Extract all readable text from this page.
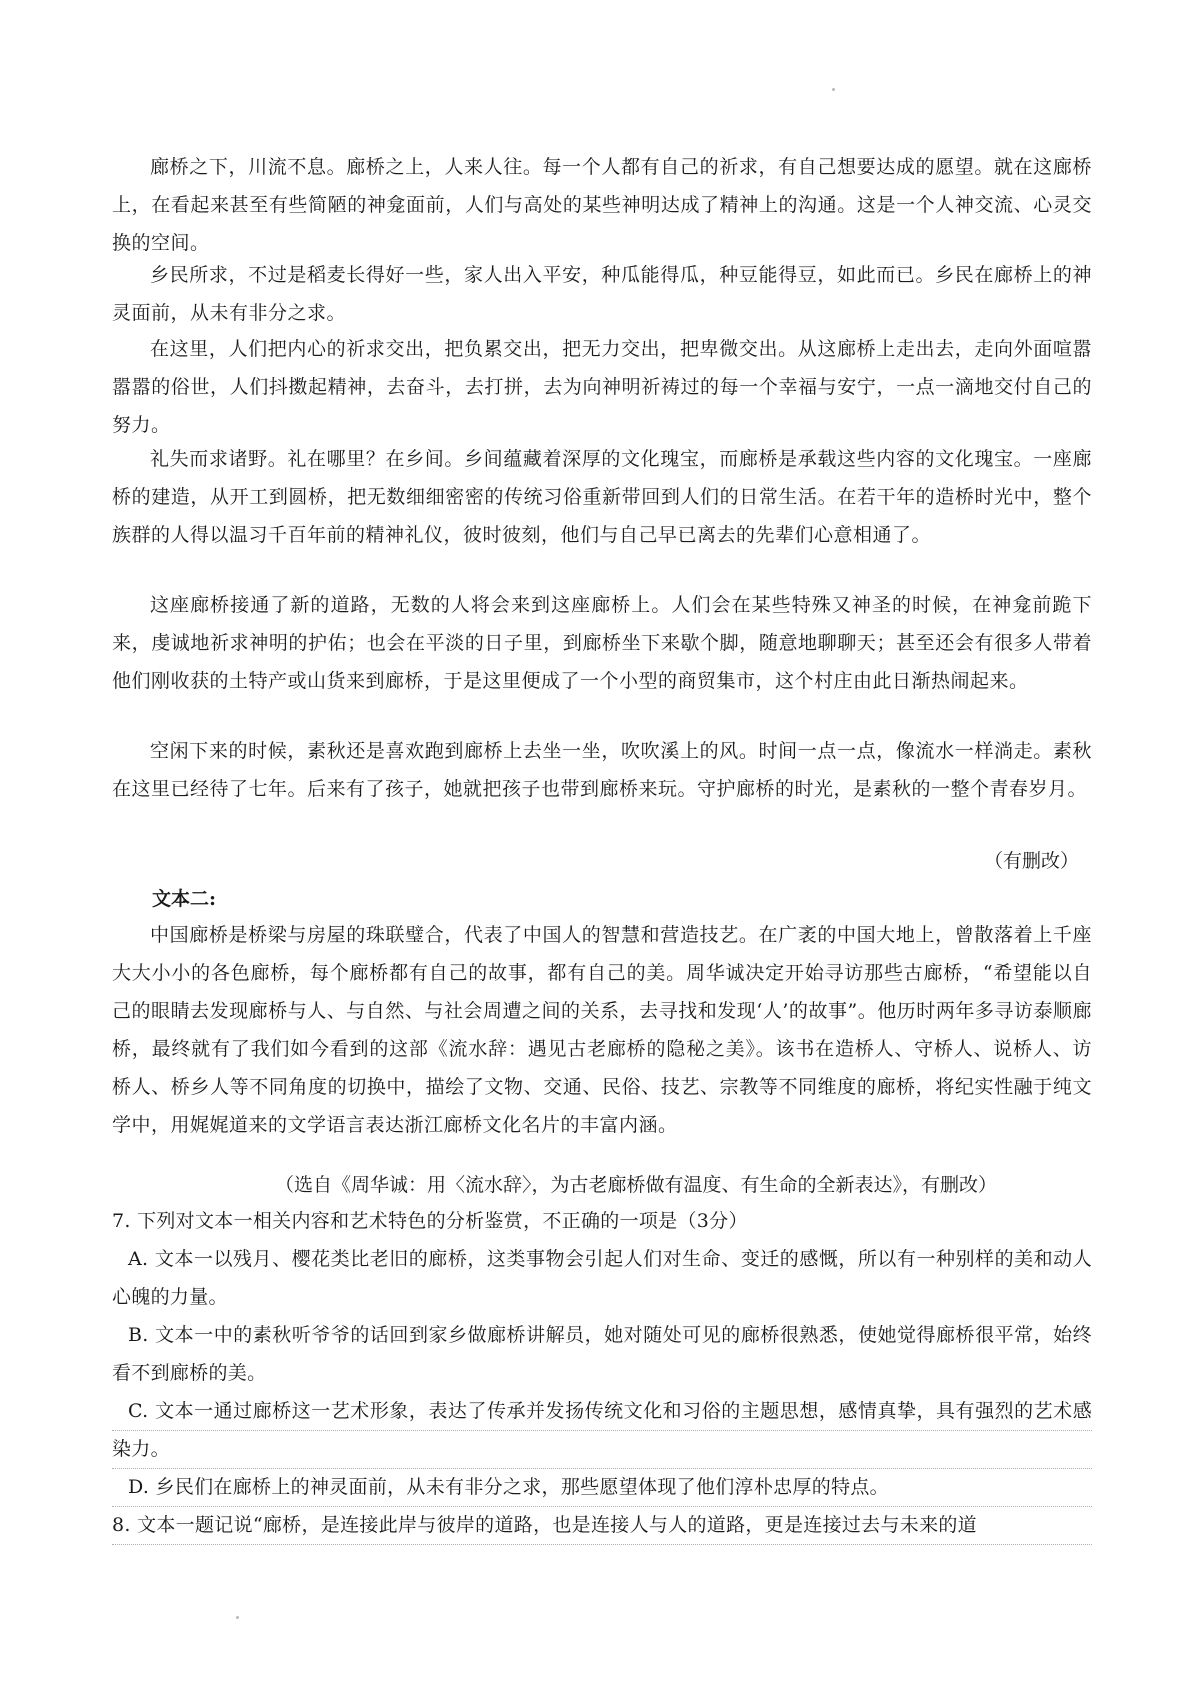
廊桥之下，川流不息。廊桥之上，人来人往。每一个人都有自己的祈求，有自己想要达成的愿望。就在这廊桥上，在看起来甚至有些简陋的神龛面前，人们与高处的某些神明达成了精神上的沟通。这是一个人神交流、心灵交换的空间。

乡民所求，不过是稻麦长得好一些，家人出入平安，种瓜能得瓜，种豆能得豆，如此而已。乡民在廊桥上的神灵面前，从未有非分之求。

在这里，人们把内心的祈求交出，把负累交出，把无力交出，把卑微交出。从这廊桥上走出去，走向外面喧嚣嚣嚣的俗世，人们抖擞起精神，去奋斗，去打拼，去为向神明祈祷过的每一个幸福与安宁，一点一滴地交付自己的努力。

礼失而求诸野。礼在哪里？在乡间。乡间蕴藏着深厚的文化瑰宝，而廊桥是承载这些内容的文化瑰宝。一座廊桥的建造，从开工到圆桥，把无数细细密密的传统习俗重新带回到人们的日常生活。在若干年的造桥时光中，整个族群的人得以温习千百年前的精神礼仪，彼时彼刻，他们与自己早已离去的先辈们心意相通了。

这座廊桥接通了新的道路，无数的人将会来到这座廊桥上。人们会在某些特殊又神圣的时候，在神龛前跪下来，虔诚地祈求神明的护佑；也会在平淡的日子里，到廊桥坐下来歇个脚，随意地聊聊天；甚至还会有很多人带着他们刚收获的土特产或山货来到廊桥，于是这里便成了一个小型的商贸集市，这个村庄由此日渐热闹起来。

空闲下来的时候，素秋还是喜欢跑到廊桥上去坐一坐，吹吹溪上的风。时间一点一点，像流水一样淌走。素秋在这里已经待了七年。后来有了孩子，她就把孩子也带到廊桥来玩。守护廊桥的时光，是素秋的一整个青春岁月。

（有删改）

文本二:

中国廊桥是桥梁与房屋的珠联璧合，代表了中国人的智慧和营造技艺。在广袤的中国大地上，曾散落着上千座大大小小的各色廊桥，每个廊桥都有自己的故事，都有自己的美。周华诚决定开始寻访那些古廊桥，“希望能以自己的眼睛去发现廊桥与人、与自然、与社会周遭之间的关系，去寻找和发现‘人’的故事”。他历时两年多寻访泰顺廊桥，最终就有了我们如今看到的这部《流水辞：遇见古老廊桥的隐秘之美》。该书在造桥人、守桥人、说桥人、访桥人、桥乡人等不同角度的切换中，描绘了文物、交通、民俗、技艺、宗教等不同维度的廊桥，将纪实性融于纯文学中，用娓娓道来的文学语言表达浙江廊桥文化名片的丰富内涵。

（选自《周华诚：用〈流水辞〉，为古老廊桥做有温度、有生命的全新表达》，有删改）

7. 下列对文本一相关内容和艺术特色的分析鉴赏，不正确的一项是（3分）

A. 文本一以残月、樱花类比老旧的廊桥，这类事物会引起人们对生命、变迁的感慨，所以有一种别样的美和动人心魄的力量。

B. 文本一中的素秋听爷爷的话回到家乡做廊桥讲解员，她对随处可见的廊桥很熟悉，使她觉得廊桥很平常，始终看不到廊桥的美。

C. 文本一通过廊桥这一艺术形象，表达了传承并发扬传统文化和习俗的主题思想，感情真挚，具有强烈的艺术感染力。

D. 乡民们在廊桥上的神灵面前，从未有非分之求，那些愿望体现了他们淳朴忠厚的特点。

8. 文本一题记说“廊桥，是连接此岸与彼岸的道路，也是连接人与人的道路，更是连接过去与未来的道
